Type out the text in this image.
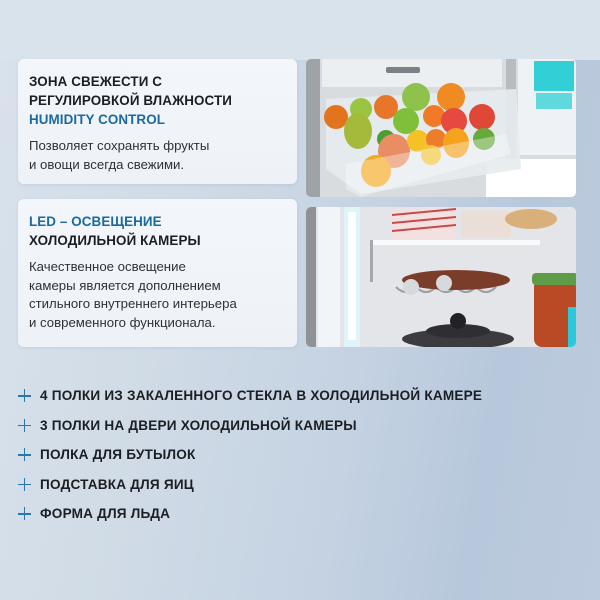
ЗОНА СВЕЖЕСТИ С
РЕГУЛИРОВКОЙ ВЛАЖНОСТИ
HUMIDITY CONTROL
Позволяет сохранять фрукты
и овощи всегда свежими.
LED – ОСВЕЩЕНИЕ
ХОЛОДИЛЬНОЙ КАМЕРЫ
Качественное освещение
камеры является дополнением
стильного внутреннего интерьера
и современного функционала.
4 ПОЛКИ ИЗ ЗАКАЛЕННОГО СТЕКЛА В ХОЛОДИЛЬНОЙ КАМЕРЕ
3 ПОЛКИ НА ДВЕРИ ХОЛОДИЛЬНОЙ КАМЕРЫ
ПОЛКА ДЛЯ БУТЫЛОК
ПОДСТАВКА ДЛЯ ЯИЦ
ФОРМА ДЛЯ ЛЬДА
